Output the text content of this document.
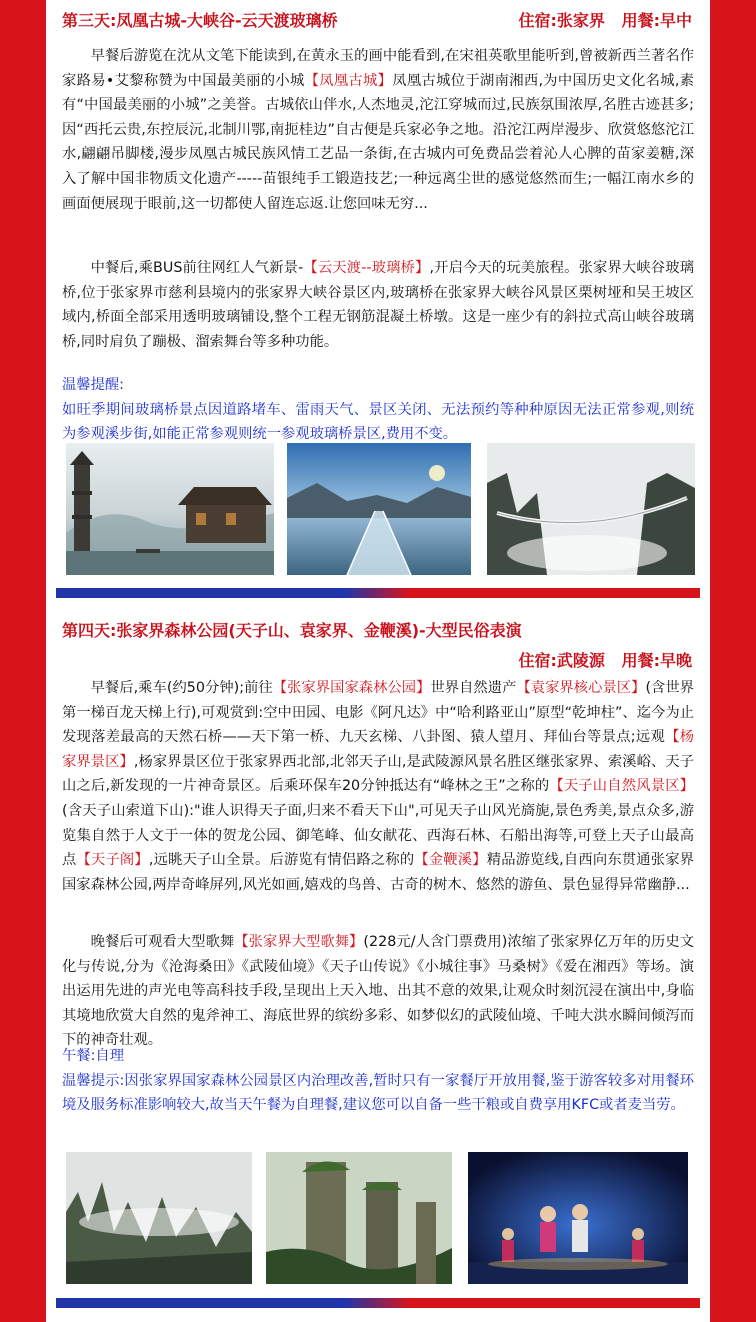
第三天:凤凰古城-大峡谷-云天渡玻璃桥	住宿:张家界 用餐:早中
早餐后游览在沈从文笔下能读到,在黄永玉的画中能看到,在宋祖英歌里能听到,曾被新西兰著名作家路易•艾黎称赞为中国最美丽的小城【凤凰古城】凤凰古城位于湖南湘西,为中国历史文化名城,素有“中国最美丽的小城”之美誉。古城依山伴水,人杰地灵,沱江穿城而过,民族氛围浓厚,名胜古迹甚多;因“西托云贵,东控辰沅,北制川鄂,南扼桂边”自古便是兵家必争之地。沿沱江两岸漫步、欣赏悠悠沱江水,翩翩吊脚楼,漫步凤凰古城民族风情工艺品一条街,在古城内可免费品尝着沁人心脾的苗家姜糖,深入了解中国非物质文化遗产-----苗银纯手工锻造技艺;一种远离尘世的感觉悠然而生;一幅江南水乡的画面便展现于眼前,这一切都使人留连忘返.让您回味无穷...
中餐后,乘BUS前往网红人气新景-【云天渡--玻璃桥】,开启今天的玩美旅程。张家界大峡谷玻璃桥,位于张家界市慈利县境内的张家界大峡谷景区内,玻璃桥在张家界大峡谷风景区栗树垭和吴王坡区域内,桥面全部采用透明玻璃铺设,整个工程无钢筋混凝土桥墩。这是一座少有的斜拉式高山峡谷玻璃桥,同时肩负了蹦极、溜索舞台等多种功能。
温馨提醒:
如旺季期间玻璃桥景点因道路堵车、雷雨天气、景区关闭、无法预约等种种原因无法正常参观,则统为参观溪步街,如能正常参观则统一参观玻璃桥景区,费用不变。
第四天:张家界森林公园(天子山、袁家界、金鞭溪)-大型民俗表演
住宿:武陵源 用餐:早晚
早餐后,乘车(约50分钟);前往【张家界国家森林公园】世界自然遗产【袁家界核心景区】(含世界第一梯百龙天梯上行),可观赏到:空中田园、电影《阿凡达》中“哈利路亚山”原型“乾坤柱”、迄今为止发现落差最高的天然石桥——天下第一桥、九天玄梯、八卦图、猿人望月、拜仙台等景点;远观【杨家界景区】,杨家界景区位于张家界西北部,北邻天子山,是武陵源风景名胜区继张家界、索溪峪、天子山之后,新发现的一片神奇景区。后乘环保车20分钟抵达有“峰林之王”之称的【天子山自然风景区】(含天子山索道下山):"谁人识得天子面,归来不看天下山",可见天子山风光旖旎,景色秀美,景点众多,游览集自然于人文于一体的贺龙公园、御笔峰、仙女献花、西海石林、石船出海等,可登上天子山最高点【天子阁】,远眺天子山全景。后游览有情侣路之称的【金鞭溪】精品游览线,自西向东贯通张家界国家森林公园,两岸奇峰屏列,风光如画,嬉戏的鸟兽、古奇的树木、悠然的游鱼、景色显得异常幽静...
晚餐后可观看大型歌舞【张家界大型歌舞】(228元/人含门票费用)浓缩了张家界亿万年的历史文化与传说,分为《沧海桑田》《武陵仙境》《天子山传说》《小城往事》马桑树》《爱在湘西》等场。演出运用先进的声光电等高科技手段,呈现出上天入地、出其不意的效果,让观众时刻沉浸在演出中,身临其境地欣赏大自然的鬼斧神工、海底世界的缤纷多彩、如梦似幻的武陵仙境、千吨大洪水瞬间倾泻而下的神奇壮观。
午餐:自理
温馨提示:因张家界国家森林公园景区内治理改善,暂时只有一家餐厅开放用餐,鉴于游客较多对用餐环境及服务标准影响较大,故当天午餐为自理餐,建议您可以自备一些干粮或自费享用KFC或者麦当劳。
